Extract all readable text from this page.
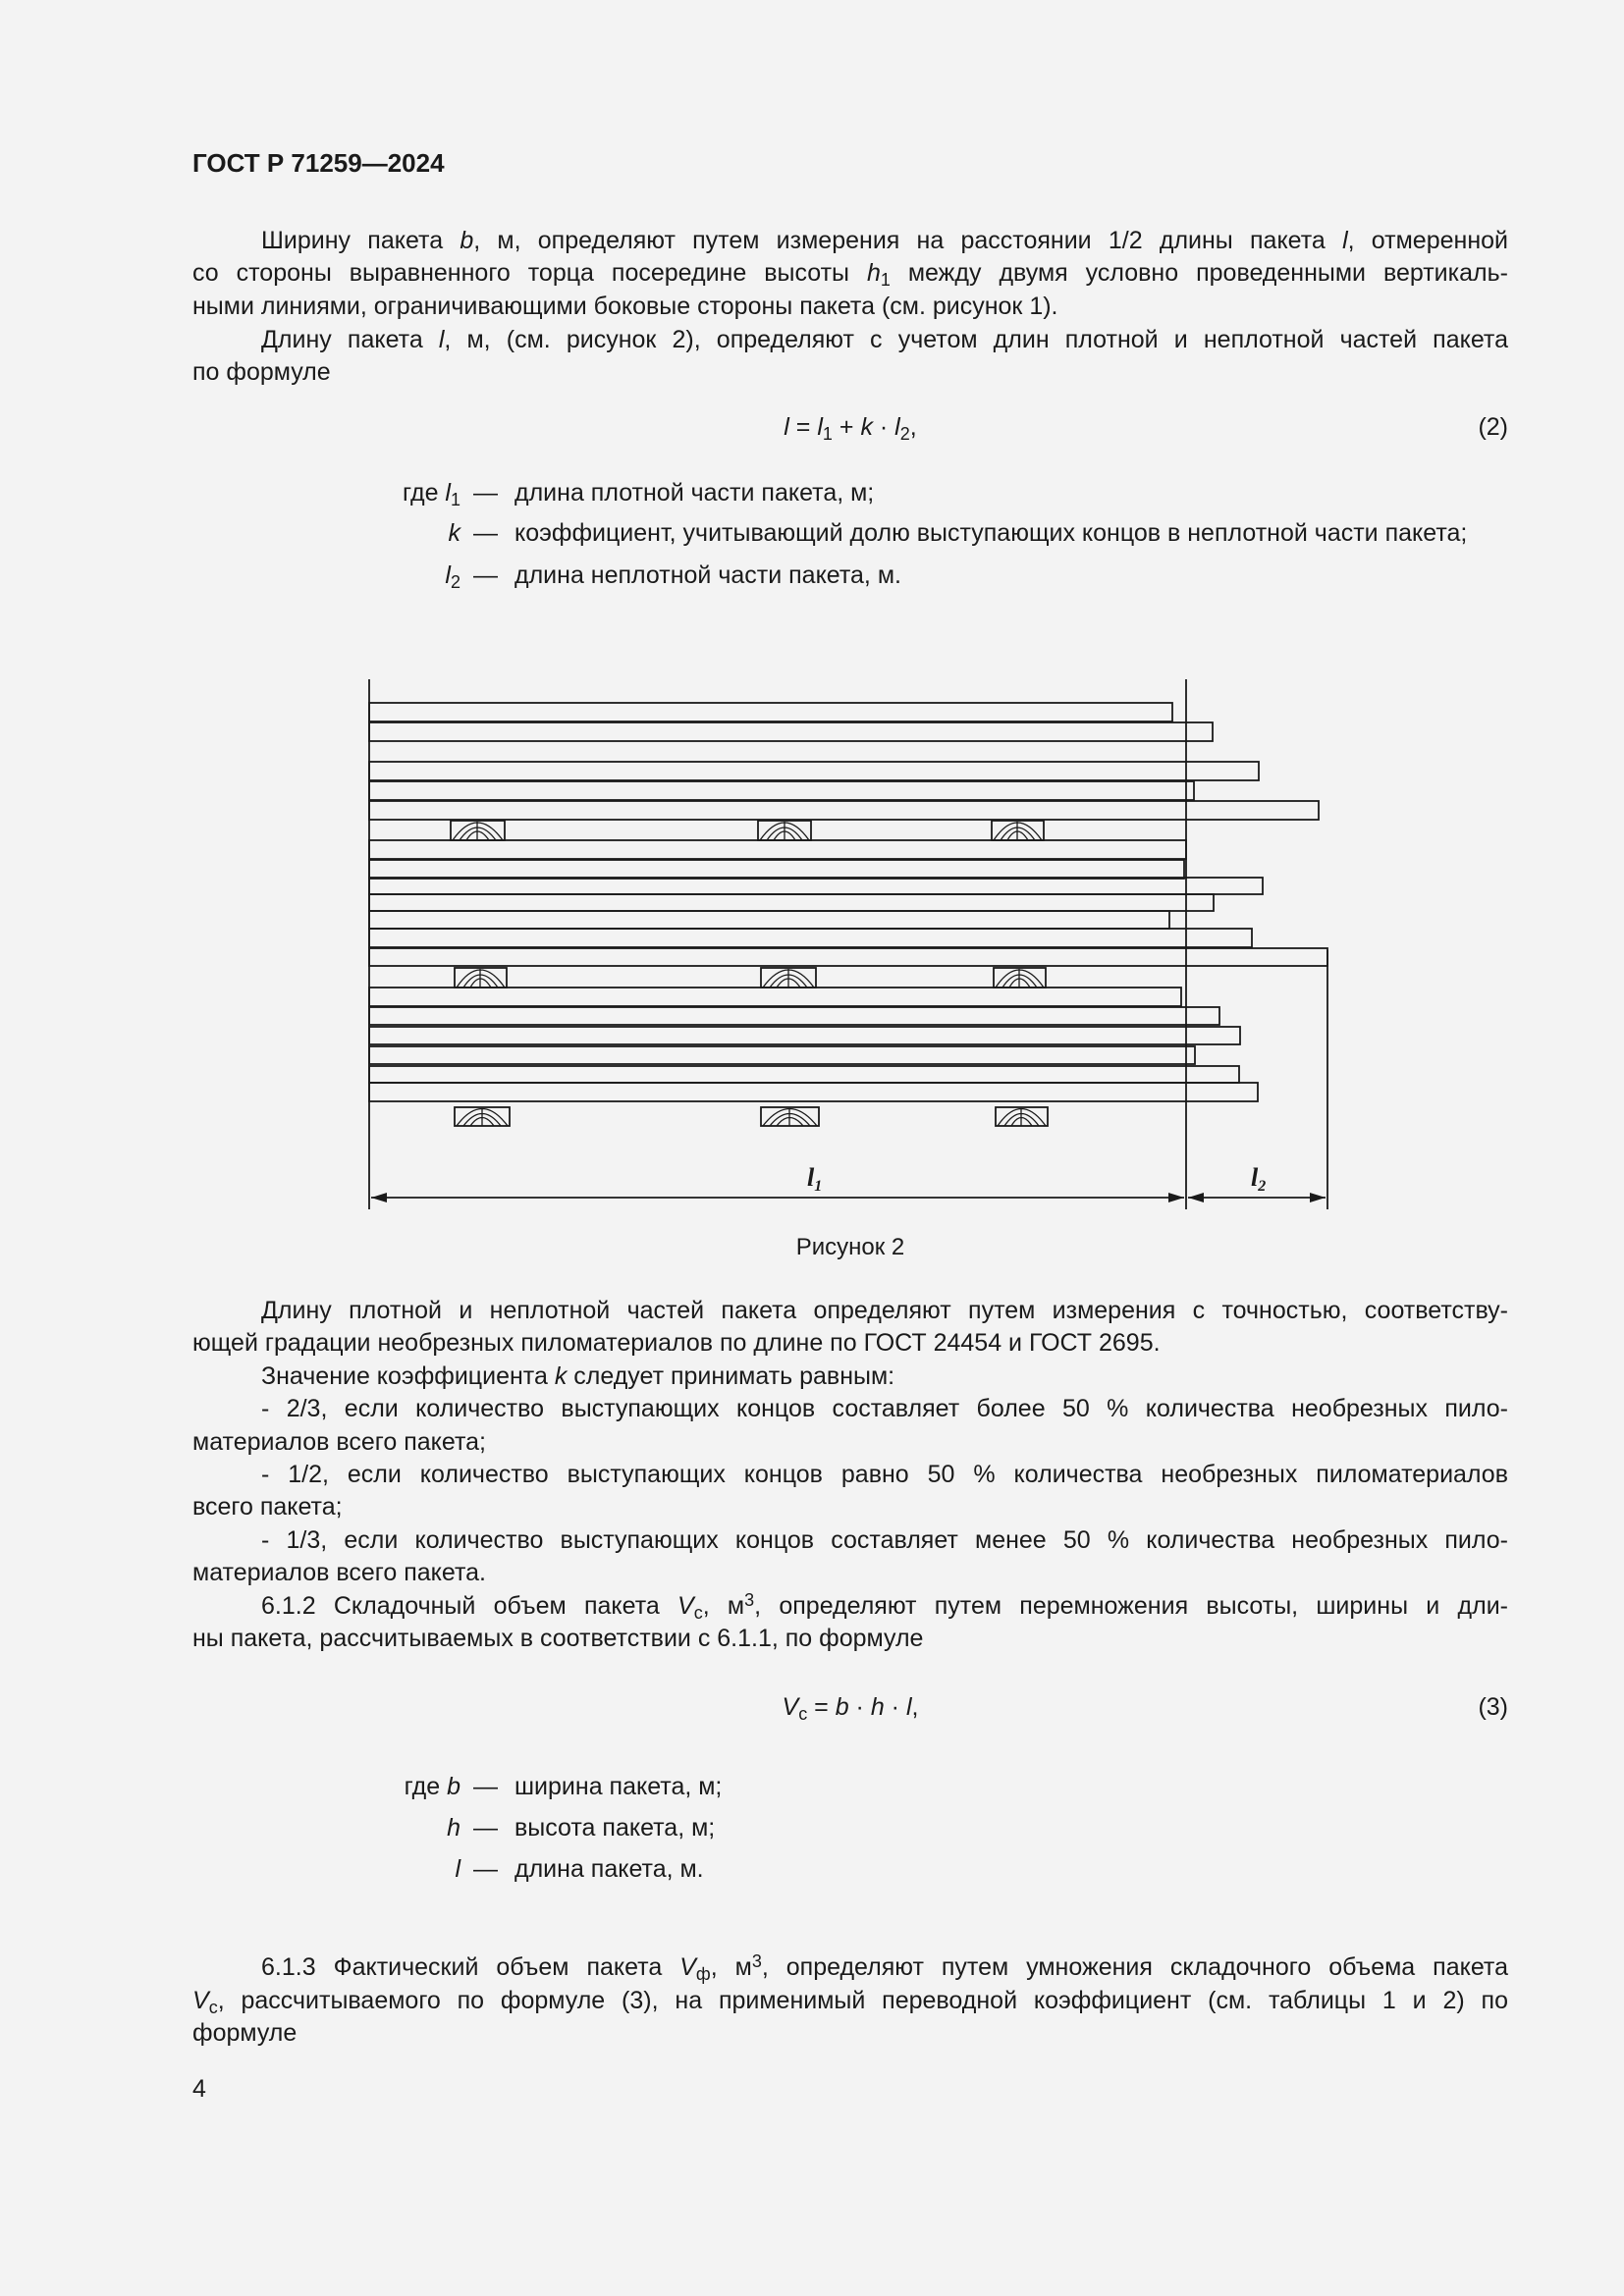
ГОСТ Р 71259—2024
Ширину пакета b, м, определяют путем измерения на расстоянии 1/2 длины пакета l, отмеренной
со стороны выравненного торца посередине высоты $h_1$ между двумя условно проведенными вертикаль-
ными линиями, ограничивающими боковые стороны пакета (см. рисунок 1).
Длину пакета l, м, (см. рисунок 2), определяют с учетом длин плотной и неплотной частей пакета
по формуле
$l = l_1 + k \cdot l_2$,	(2)
где $l_1$ — длина плотной части пакета, м;
k — коэффициент, учитывающий долю выступающих концов в неплотной части пакета;
$l_2$ — длина неплотной части пакета, м.
l1	l2
Рисунок 2
Длину плотной и неплотной частей пакета определяют путем измерения с точностью, соответству-
ющей градации необрезных пиломатериалов по длине по ГОСТ 24454 и ГОСТ 2695.
Значение коэффициента k следует принимать равным:
- 2/3, если количество выступающих концов составляет более 50 % количества необрезных пило-
материалов всего пакета;
- 1/2, если количество выступающих концов равно 50 % количества необрезных пиломатериалов
всего пакета;
- 1/3, если количество выступающих концов составляет менее 50 % количества необрезных пило-
материалов всего пакета.
6.1.2 Складочный объем пакета $V_с$, $м^3$, определяют путем перемножения высоты, ширины и дли-
ны пакета, рассчитываемых в соответствии с 6.1.1, по формуле
$V_с = b \cdot h \cdot l$,	(3)
где b — ширина пакета, м;
h — высота пакета, м;
l — длина пакета, м.
6.1.3 Фактический объем пакета $V_ф$, $м^3$, определяют путем умножения складочного объема пакета
$V_с$, рассчитываемого по формуле (3), на применимый переводной коэффициент (см. таблицы 1 и 2) по
формуле
4
